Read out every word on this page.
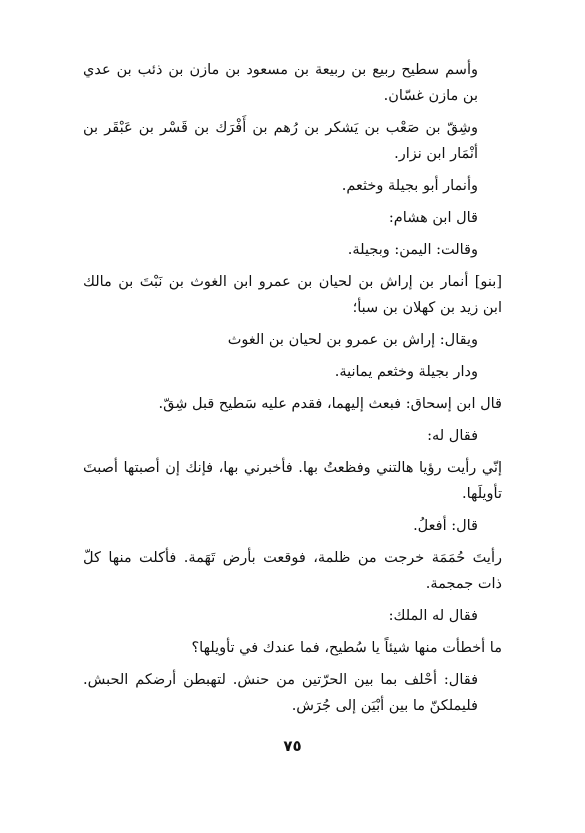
وأسم سطيح ربيع بن ربيعة بن مسعود بن مازن بن ذئب بن عدي بن مازن غسّان.

وشِقّ بن صَعْب بن يَشكر بن رُهم بن أَفْرَك بن قَسْر بن عَبْقَر بن أنْمَار ابن نزار.

وأنمار أبو بجيلة وخثعم.

قال ابن هشام:

وقالت: اليمن: وبجيلة.

[بنو] أنمار بن إراش بن لحيان بن عمرو ابن الغوث بن نَبْتَ بن مالك ابن زيد بن كهلان بن سبأ؛

ويقال: إراش بن عمرو بن لحيان بن الغوث

ودار بجيلة وخثعم يمانية.

قال ابن إسحاق: فبعث إليهما، فقدم عليه سَطيح قبل شِقّ.

فقال له:

إنّي رأيت رؤيا هالتني وفظعتُ بها. فأخبرني بها، فإنك إن أصبتها أصبتَ تأويلَها.

قال: أفعلُ.

رأيتَ حُمَمَة خرجت من ظلمة، فوقعت بأرض تَهَمة. فأكلت منها كلّ ذات جمجمة.

فقال له الملك:

ما أخطأت منها شيئاً يا سُطيح، فما عندك في تأويلها؟

فقال: أحْلف بما بين الحرّتين من حنش. لتهبطن أرضكم الحبش. فليملكنّ ما بين أبْيَن إلى جُرَش.

٧٥
